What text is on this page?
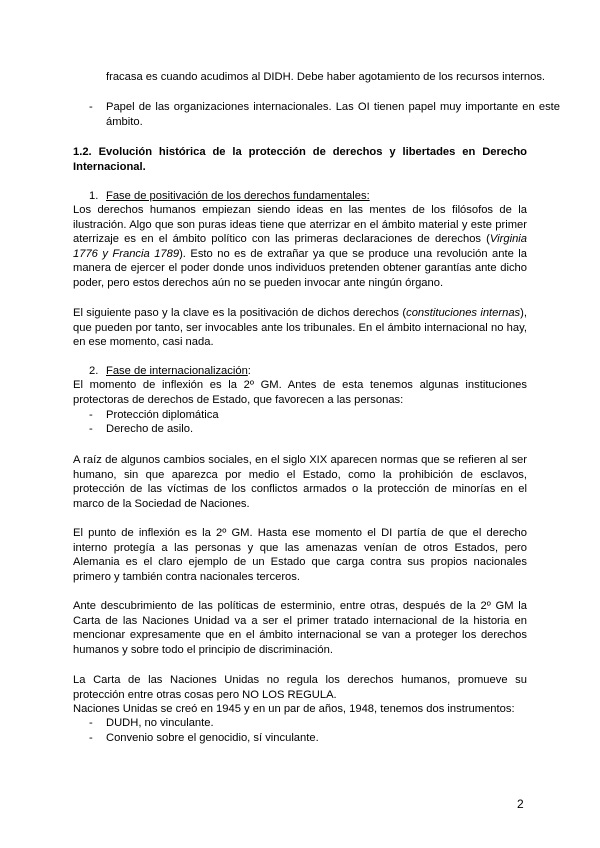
fracasa es cuando acudimos al DIDH. Debe haber agotamiento de los recursos internos.

- Papel de las organizaciones internacionales. Las OI tienen papel muy importante en este ámbito.

1.2. Evolución histórica de la protección de derechos y libertades en Derecho Internacional.

1. Fase de positivación de los derechos fundamentales:

Los derechos humanos empiezan siendo ideas en las mentes de los filósofos de la ilustración. Algo que son puras ideas tiene que aterrizar en el ámbito material y este primer aterrizaje es en el ámbito político con las primeras declaraciones de derechos (Virginia 1776 y Francia 1789). Esto no es de extrañar ya que se produce una revolución ante la manera de ejercer el poder donde unos individuos pretenden obtener garantías ante dicho poder, pero estos derechos aún no se pueden invocar ante ningún órgano.

El siguiente paso y la clave es la positivación de dichos derechos (constituciones internas), que pueden por tanto, ser invocables ante los tribunales. En el ámbito internacional no hay, en ese momento, casi nada.

2. Fase de internacionalización:

El momento de inflexión es la 2º GM. Antes de esta tenemos algunas instituciones protectoras de derechos de Estado, que favorecen a las personas:

- Protección diplomática

- Derecho de asilo.

A raíz de algunos cambios sociales, en el siglo XIX aparecen normas que se refieren al ser humano, sin que aparezca por medio el Estado, como la prohibición de esclavos, protección de las víctimas de los conflictos armados o la protección de minorías en el marco de la Sociedad de Naciones.

El punto de inflexión es la 2º GM. Hasta ese momento el DI partía de que el derecho interno protegía a las personas y que las amenazas venían de otros Estados, pero Alemania es el claro ejemplo de un Estado que carga contra sus propios nacionales primero y también contra nacionales terceros.

Ante descubrimiento de las políticas de esterminio, entre otras, después de la 2º GM la Carta de las Naciones Unidad va a ser el primer tratado internacional de la historia en mencionar expresamente que en el ámbito internacional se van a proteger los derechos humanos y sobre todo el principio de discriminación.

La Carta de las Naciones Unidas no regula los derechos humanos, promueve su protección entre otras cosas pero NO LOS REGULA.

Naciones Unidas se creó en 1945 y en un par de años, 1948, tenemos dos instrumentos:

- DUDH, no vinculante.

- Convenio sobre el genocidio, sí vinculante.

2
